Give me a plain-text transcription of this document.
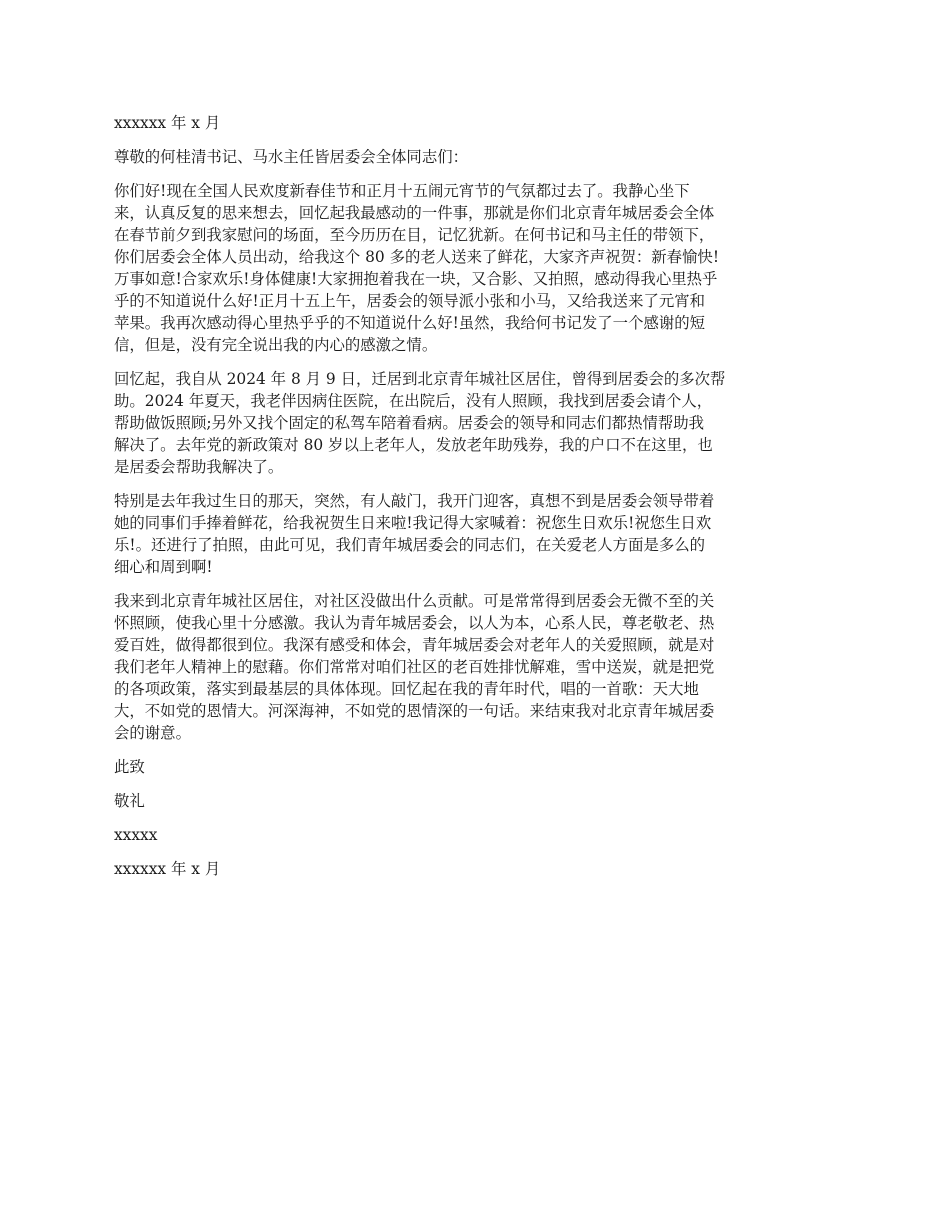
xxxxxx 年 x 月

尊敬的何桂清书记、马水主任皆居委会全体同志们：

你们好!现在全国人民欢度新春佳节和正月十五闹元宵节的气氛都过去了。我静心坐下
来，认真反复的思来想去，回忆起我最感动的一件事，那就是你们北京青年城居委会全体
在春节前夕到我家慰问的场面，至今历历在目，记忆犹新。在何书记和马主任的带领下，
你们居委会全体人员出动，给我这个 80 多的老人送来了鲜花，大家齐声祝贺：新春愉快!
万事如意!合家欢乐!身体健康!大家拥抱着我在一块，又合影、又拍照，感动得我心里热乎
乎的不知道说什么好!正月十五上午，居委会的领导派小张和小马，又给我送来了元宵和
苹果。我再次感动得心里热乎乎的不知道说什么好!虽然，我给何书记发了一个感谢的短
信，但是，没有完全说出我的内心的感激之情。
回忆起，我自从 2024 年 8 月 9 日，迁居到北京青年城社区居住，曾得到居委会的多次帮
助。2024 年夏天，我老伴因病住医院，在出院后，没有人照顾，我找到居委会请个人，
帮助做饭照顾;另外又找个固定的私驾车陪着看病。居委会的领导和同志们都热情帮助我
解决了。去年党的新政策对 80 岁以上老年人，发放老年助残券，我的户口不在这里，也
是居委会帮助我解决了。
特别是去年我过生日的那天，突然，有人敲门，我开门迎客，真想不到是居委会领导带着
她的同事们手捧着鲜花，给我祝贺生日来啦!我记得大家喊着：祝您生日欢乐!祝您生日欢
乐!。还进行了拍照，由此可见，我们青年城居委会的同志们，在关爱老人方面是多么的
细心和周到啊!
我来到北京青年城社区居住，对社区没做出什么贡献。可是常常得到居委会无微不至的关
怀照顾，使我心里十分感激。我认为青年城居委会，以人为本，心系人民，尊老敬老、热
爱百姓，做得都很到位。我深有感受和体会，青年城居委会对老年人的关爱照顾，就是对
我们老年人精神上的慰藉。你们常常对咱们社区的老百姓排忧解难，雪中送炭，就是把党
的各项政策，落实到最基层的具体体现。回忆起在我的青年时代，唱的一首歌：天大地
大，不如党的恩情大。河深海神，不如党的恩情深的一句话。来结束我对北京青年城居委
会的谢意。

此致

敬礼

xxxxx

xxxxxx 年 x 月
